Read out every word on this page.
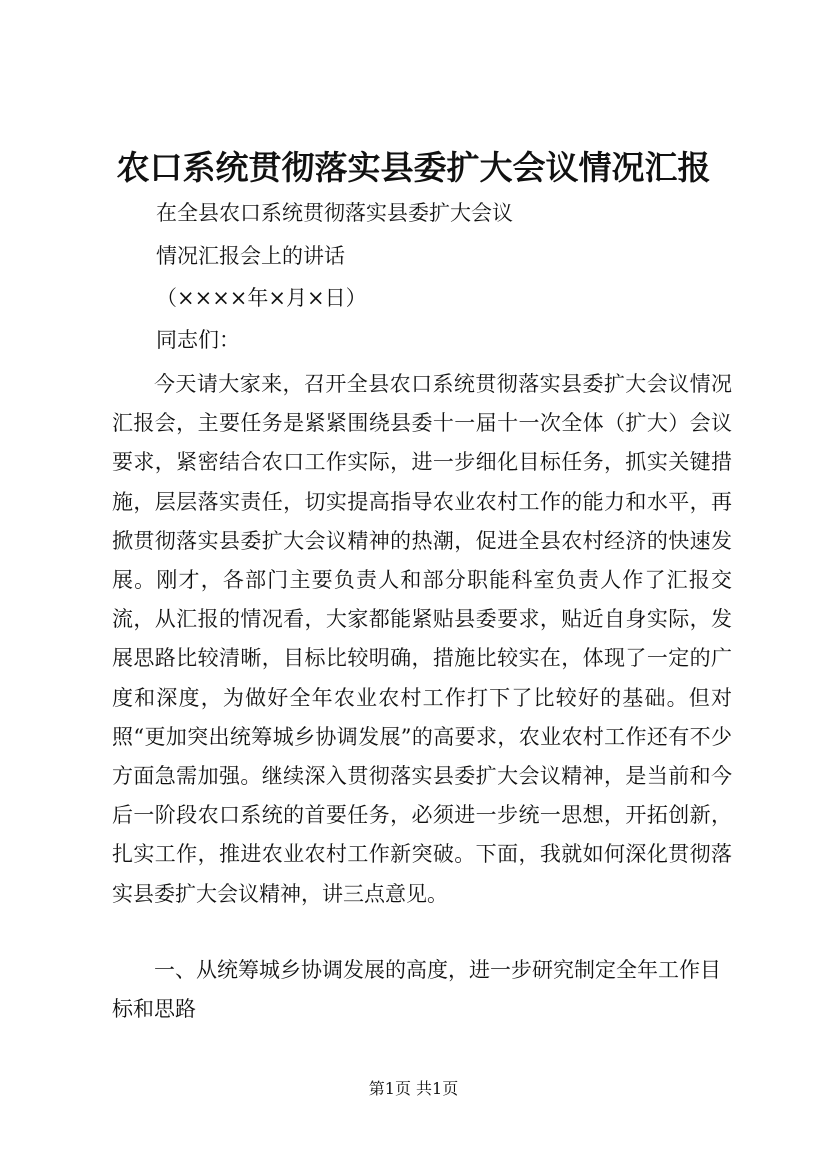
农口系统贯彻落实县委扩大会议情况汇报
在全县农口系统贯彻落实县委扩大会议
情况汇报会上的讲话
（××××年×月×日）
同志们：
今天请大家来，召开全县农口系统贯彻落实县委扩大会议情况汇报会，主要任务是紧紧围绕县委十一届十一次全体（扩大）会议要求，紧密结合农口工作实际，进一步细化目标任务，抓实关键措施，层层落实责任，切实提高指导农业农村工作的能力和水平，再掀贯彻落实县委扩大会议精神的热潮，促进全县农村经济的快速发展。刚才，各部门主要负责人和部分职能科室负责人作了汇报交流，从汇报的情况看，大家都能紧贴县委要求，贴近自身实际，发展思路比较清晰，目标比较明确，措施比较实在，体现了一定的广度和深度，为做好全年农业农村工作打下了比较好的基础。但对照“更加突出统筹城乡协调发展”的高要求，农业农村工作还有不少方面急需加强。继续深入贯彻落实县委扩大会议精神，是当前和今后一阶段农口系统的首要任务，必须进一步统一思想，开拓创新，扎实工作，推进农业农村工作新突破。下面，我就如何深化贯彻落实县委扩大会议精神，讲三点意见。
一、从统筹城乡协调发展的高度，进一步研究制定全年工作目标和思路
第1页 共1页
